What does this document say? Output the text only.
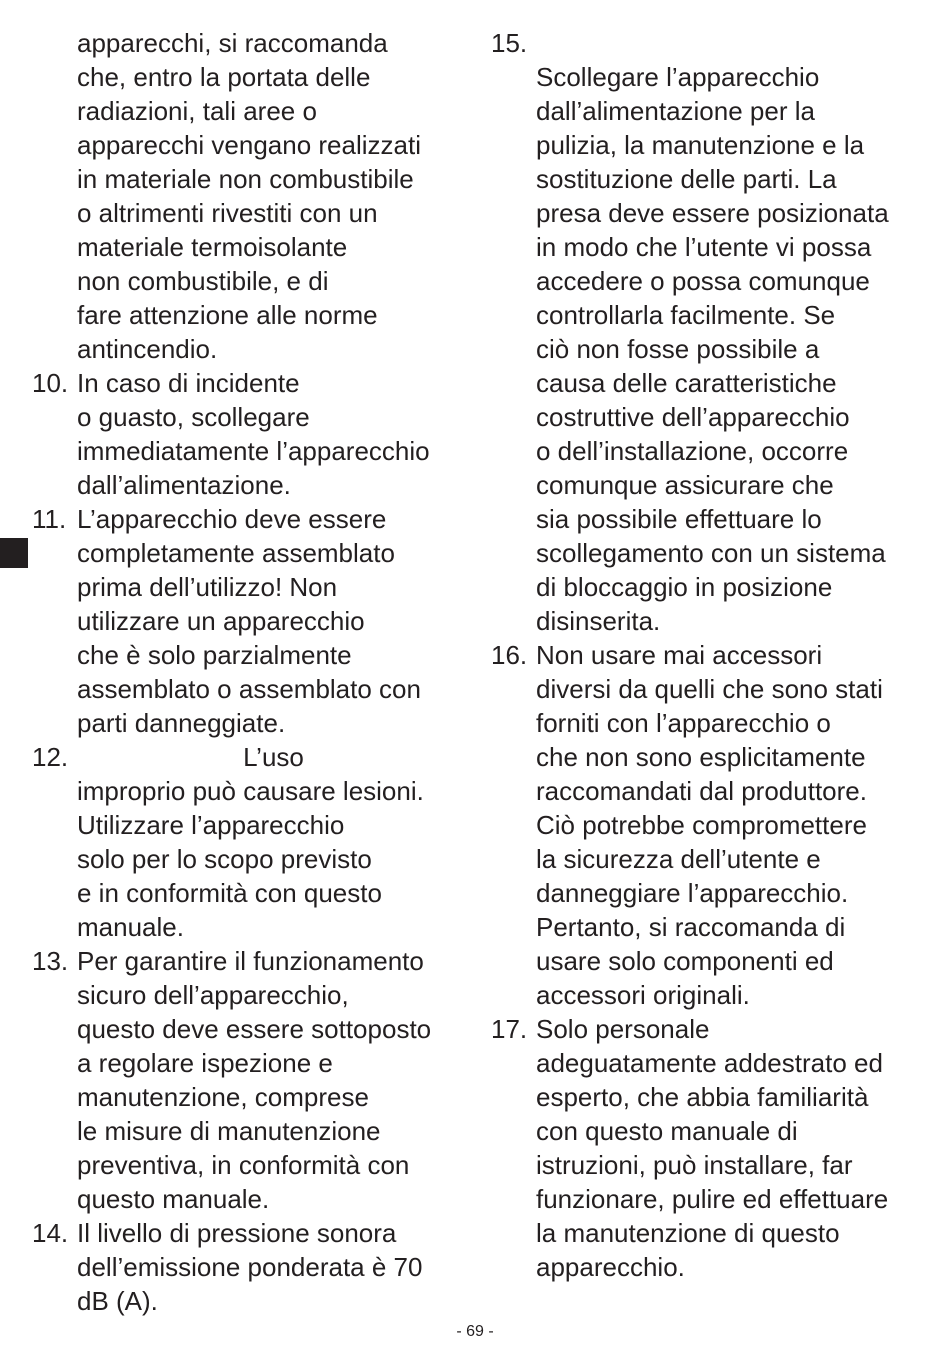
apparecchi, si raccomanda
che, entro la portata delle
radiazioni, tali aree o
apparecchi vengano realizzati
in materiale non combustibile
o altrimenti rivestiti con un
materiale termoisolante
non combustibile, e di
fare attenzione alle norme
antincendio.
10. In caso di incidente
o guasto, scollegare
immediatamente l’apparecchio
dall’alimentazione.
11. L’apparecchio deve essere
completamente assemblato
prima dell’utilizzo! Non
utilizzare un apparecchio
che è solo parzialmente
assemblato o assemblato con
parti danneggiate.
12. L’uso
improprio può causare lesioni.
Utilizzare l’apparecchio
solo per lo scopo previsto
e in conformità con questo
manuale.
13. Per garantire il funzionamento
sicuro dell’apparecchio,
questo deve essere sottoposto
a regolare ispezione e
manutenzione, comprese
le misure di manutenzione
preventiva, in conformità con
questo manuale.
14. Il livello di pressione sonora
dell’emissione ponderata è 70
dB (A).
15.
Scollegare l’apparecchio
dall’alimentazione per la
pulizia, la manutenzione e la
sostituzione delle parti. La
presa deve essere posizionata
in modo che l’utente vi possa
accedere o possa comunque
controllarla facilmente. Se
ciò non fosse possibile a
causa delle caratteristiche
costruttive dell’apparecchio
o dell’installazione, occorre
comunque assicurare che
sia possibile effettuare lo
scollegamento con un sistema
di bloccaggio in posizione
disinserita.
16. Non usare mai accessori
diversi da quelli che sono stati
forniti con l’apparecchio o
che non sono esplicitamente
raccomandati dal produttore.
Ciò potrebbe compromettere
la sicurezza dell’utente e
danneggiare l’apparecchio.
Pertanto, si raccomanda di
usare solo componenti ed
accessori originali.
17. Solo personale
adeguatamente addestrato ed
esperto, che abbia familiarità
con questo manuale di
istruzioni, può installare, far
funzionare, pulire ed effettuare
la manutenzione di questo
apparecchio.
- 69 -
